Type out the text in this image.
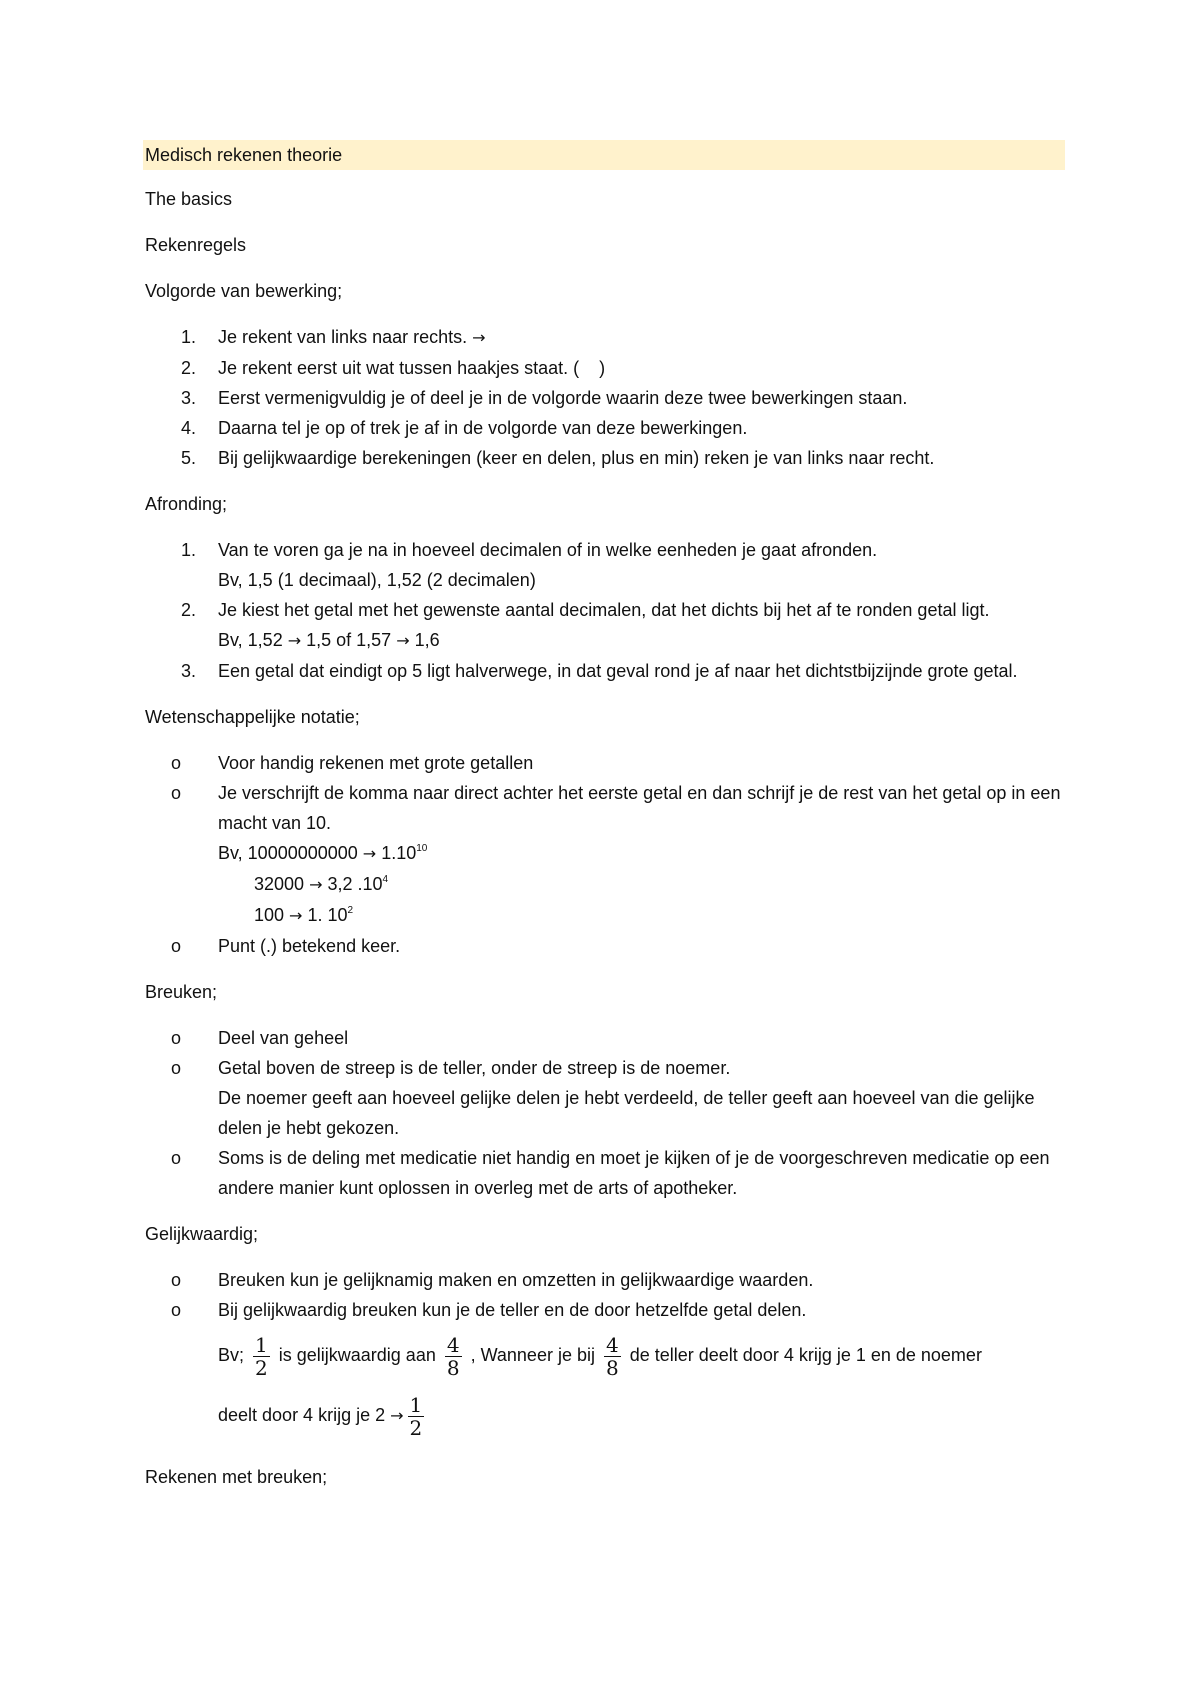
Medisch rekenen theorie

The basics

Rekenregels

Volgorde van bewerking;

1.	Je rekent van links naar rechts. →
2.	Je rekent eerst uit wat tussen haakjes staat. (    )
3.	Eerst vermenigvuldig je of deel je in de volgorde waarin deze twee bewerkingen staan.
4.	Daarna tel je op of trek je af in de volgorde van deze bewerkingen.
5.	Bij gelijkwaardige berekeningen (keer en delen, plus en min) reken je van links naar recht.

Afronding;

1.	Van te voren ga je na in hoeveel decimalen of in welke eenheden je gaat afronden.
Bv, 1,5 (1 decimaal), 1,52 (2 decimalen)
2.	Je kiest het getal met het gewenste aantal decimalen, dat het dichts bij het af te ronden getal ligt.
Bv, 1,52 → 1,5 of 1,57 → 1,6
3.	Een getal dat eindigt op 5 ligt halverwege, in dat geval rond je af naar het dichtstbijzijnde grote getal.

Wetenschappelijke notatie;

o Voor handig rekenen met grote getallen
o Je verschrijft de komma naar direct achter het eerste getal en dan schrijf je de rest van het getal op in een macht van 10.
Bv, $10000000000 \to 1.10^{10}$
32000 → 3,2 $.10^4$
100 → 1. $10^2$
o Punt (.) betekend keer.

Breuken;

o Deel van geheel
o Getal boven de streep is de teller, onder de streep is de noemer.
De noemer geeft aan hoeveel gelijke delen je hebt verdeeld, de teller geeft aan hoeveel van die gelijke delen je hebt gekozen.
o Soms is de deling met medicatie niet handig en moet je kijken of je de voorgeschreven medicatie op een andere manier kunt oplossen in overleg met de arts of apotheker.

Gelijkwaardig;

o Breuken kun je gelijknamig maken en omzetten in gelijkwaardige waarden.
o Bij gelijkwaardig breuken kun je de teller en de door hetzelfde getal delen.
Bv; $\frac{1}{2}$ is gelijkwaardig aan $\frac{4}{8}$ , Wanneer je bij $\frac{4}{8}$ de teller deelt door 4 krijg je 1 en de noemer
deelt door 4 krijg je $2 \to \frac{1}{2}$

Rekenen met breuken;
